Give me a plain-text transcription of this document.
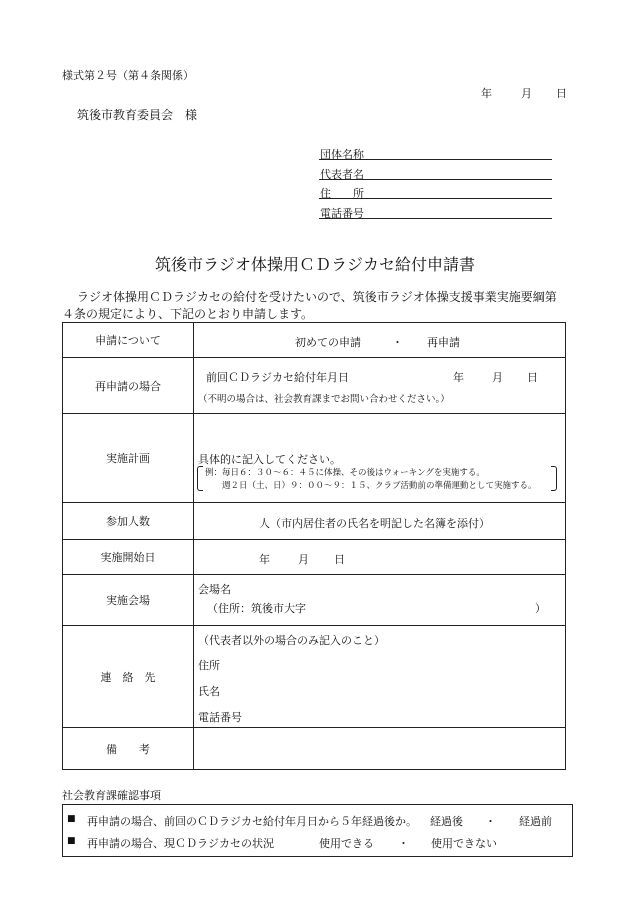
様式第２号（第４条関係）
年	月 日
筑後市教育委員会　様
団体名称
代表者名
住　　所
電話番号
筑後市ラジオ体操用ＣＤラジカセ給付申請書
ラジオ体操用ＣＤラジカセの給付を受けたいので、筑後市ラジオ体操支援事業実施要綱第
４条の規定により、下記のとおり申請します。
申請について	初めての申請 ・ 再申請

再申請の場合	前回ＣＤラジカセ給付年月日 年 月 日
（不明の場合は、社会教育課までお問い合わせください。）

実施計画	具体的に記入してください。
例：毎日６：３０～６：４５に体操、その後はウォーキングを実施する。
週２日（土、日）９：００～９：１５、クラブ活動前の準備運動として実施する。

参加人数	人（市内居住者の氏名を明記した名簿を添付）

実施開始日	年 月 日

実施会場	会場名
（住所：筑後市大字 ）

連　絡　先	（代表者以外の場合のみ記入のこと）
住所
氏名
電話番号

備　　考	
社会教育課確認事項
■ 再申請の場合、前回のＣＤラジカセ給付年月日から５年経過後か。 経過後 ・ 経過前
■ 再申請の場合、現ＣＤラジカセの状況	使用できる ・ 使用できない
